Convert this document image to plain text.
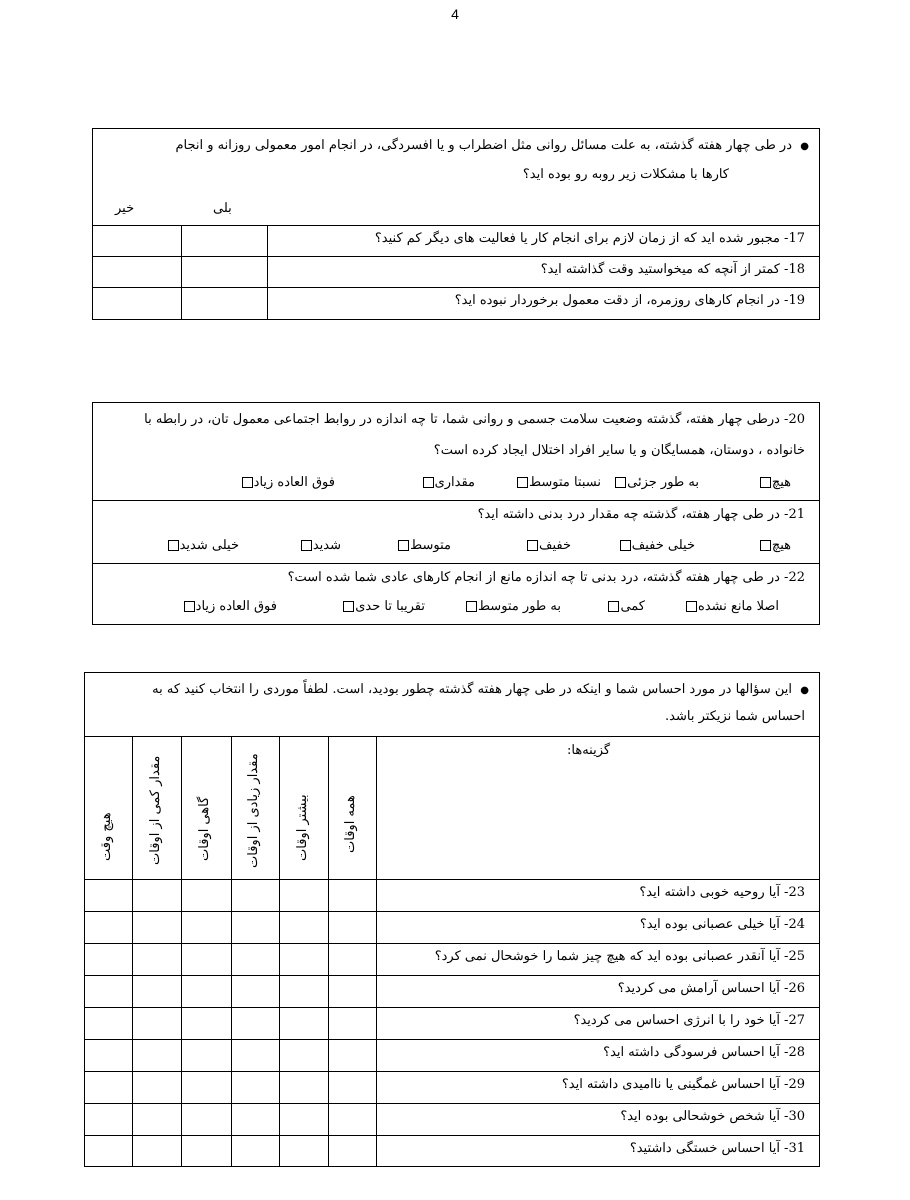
4
●  در طی چهار هفته گذشته، به علت مسائل روانی مثل اضطراب و یا افسردگی، در انجام امور معمولی روزانه و انجام
کارها با مشکلات زیر روبه رو بوده اید؟
خیر	بلی
17- مجبور شده اید که از زمان لازم برای انجام کار یا فعالیت های دیگر کم کنید؟
18- کمتر از آنچه که میخواستید وقت گذاشته اید؟
19- در انجام کارهای روزمره، از دقت معمول برخوردار نبوده اید؟
20- درطی چهار هفته، گذشته وضعیت سلامت جسمی و روانی شما، تا چه اندازه در روابط اجتماعی معمول تان، در رابطه با
خانواده ، دوستان، همسایگان و یا سایر افراد اختلال ایجاد کرده است؟
هیچ
به طور جزئی
نسبتا متوسط
مقداری
فوق العاده زیاد
21- در طی چهار هفته، گذشته چه مقدار درد بدنی داشته اید؟
هیچ
خیلی خفیف
خفیف
متوسط
شدید
خیلی شدید
22- در طی چهار هفته گذشته، درد بدنی تا چه اندازه مانع از انجام کارهای عادی شما شده است؟
اصلا مانع نشده
کمی
به طور متوسط
تقریبا تا حدی
فوق العاده زیاد
●  این سؤالها در مورد احساس شما و اینکه در طی چهار هفته گذشته چطور بودید، است. لطفاً موردی را انتخاب کنید که به
احساس شما نزیکتر باشد.
گزینه‌ها:
هیچ وقت	مقدار کمی از اوقات	گاهی اوقات	مقدار زیادی از اوقات	بیشتر اوقات	همه اوقات
23- آیا روحیه خوبی داشته اید؟
24- آیا خیلی عصبانی بوده اید؟
25- آیا آنقدر عصبانی بوده اید که هیچ چیز شما را خوشحال نمی کرد؟
26- آیا احساس آرامش می کردید؟
27- آیا خود را با انرژی احساس می کردید؟
28- آیا احساس فرسودگی داشته اید؟
29- آیا احساس غمگینی یا ناامیدی داشته اید؟
30- آیا شخص خوشحالی بوده اید؟
31- آیا احساس خستگی داشتید؟
